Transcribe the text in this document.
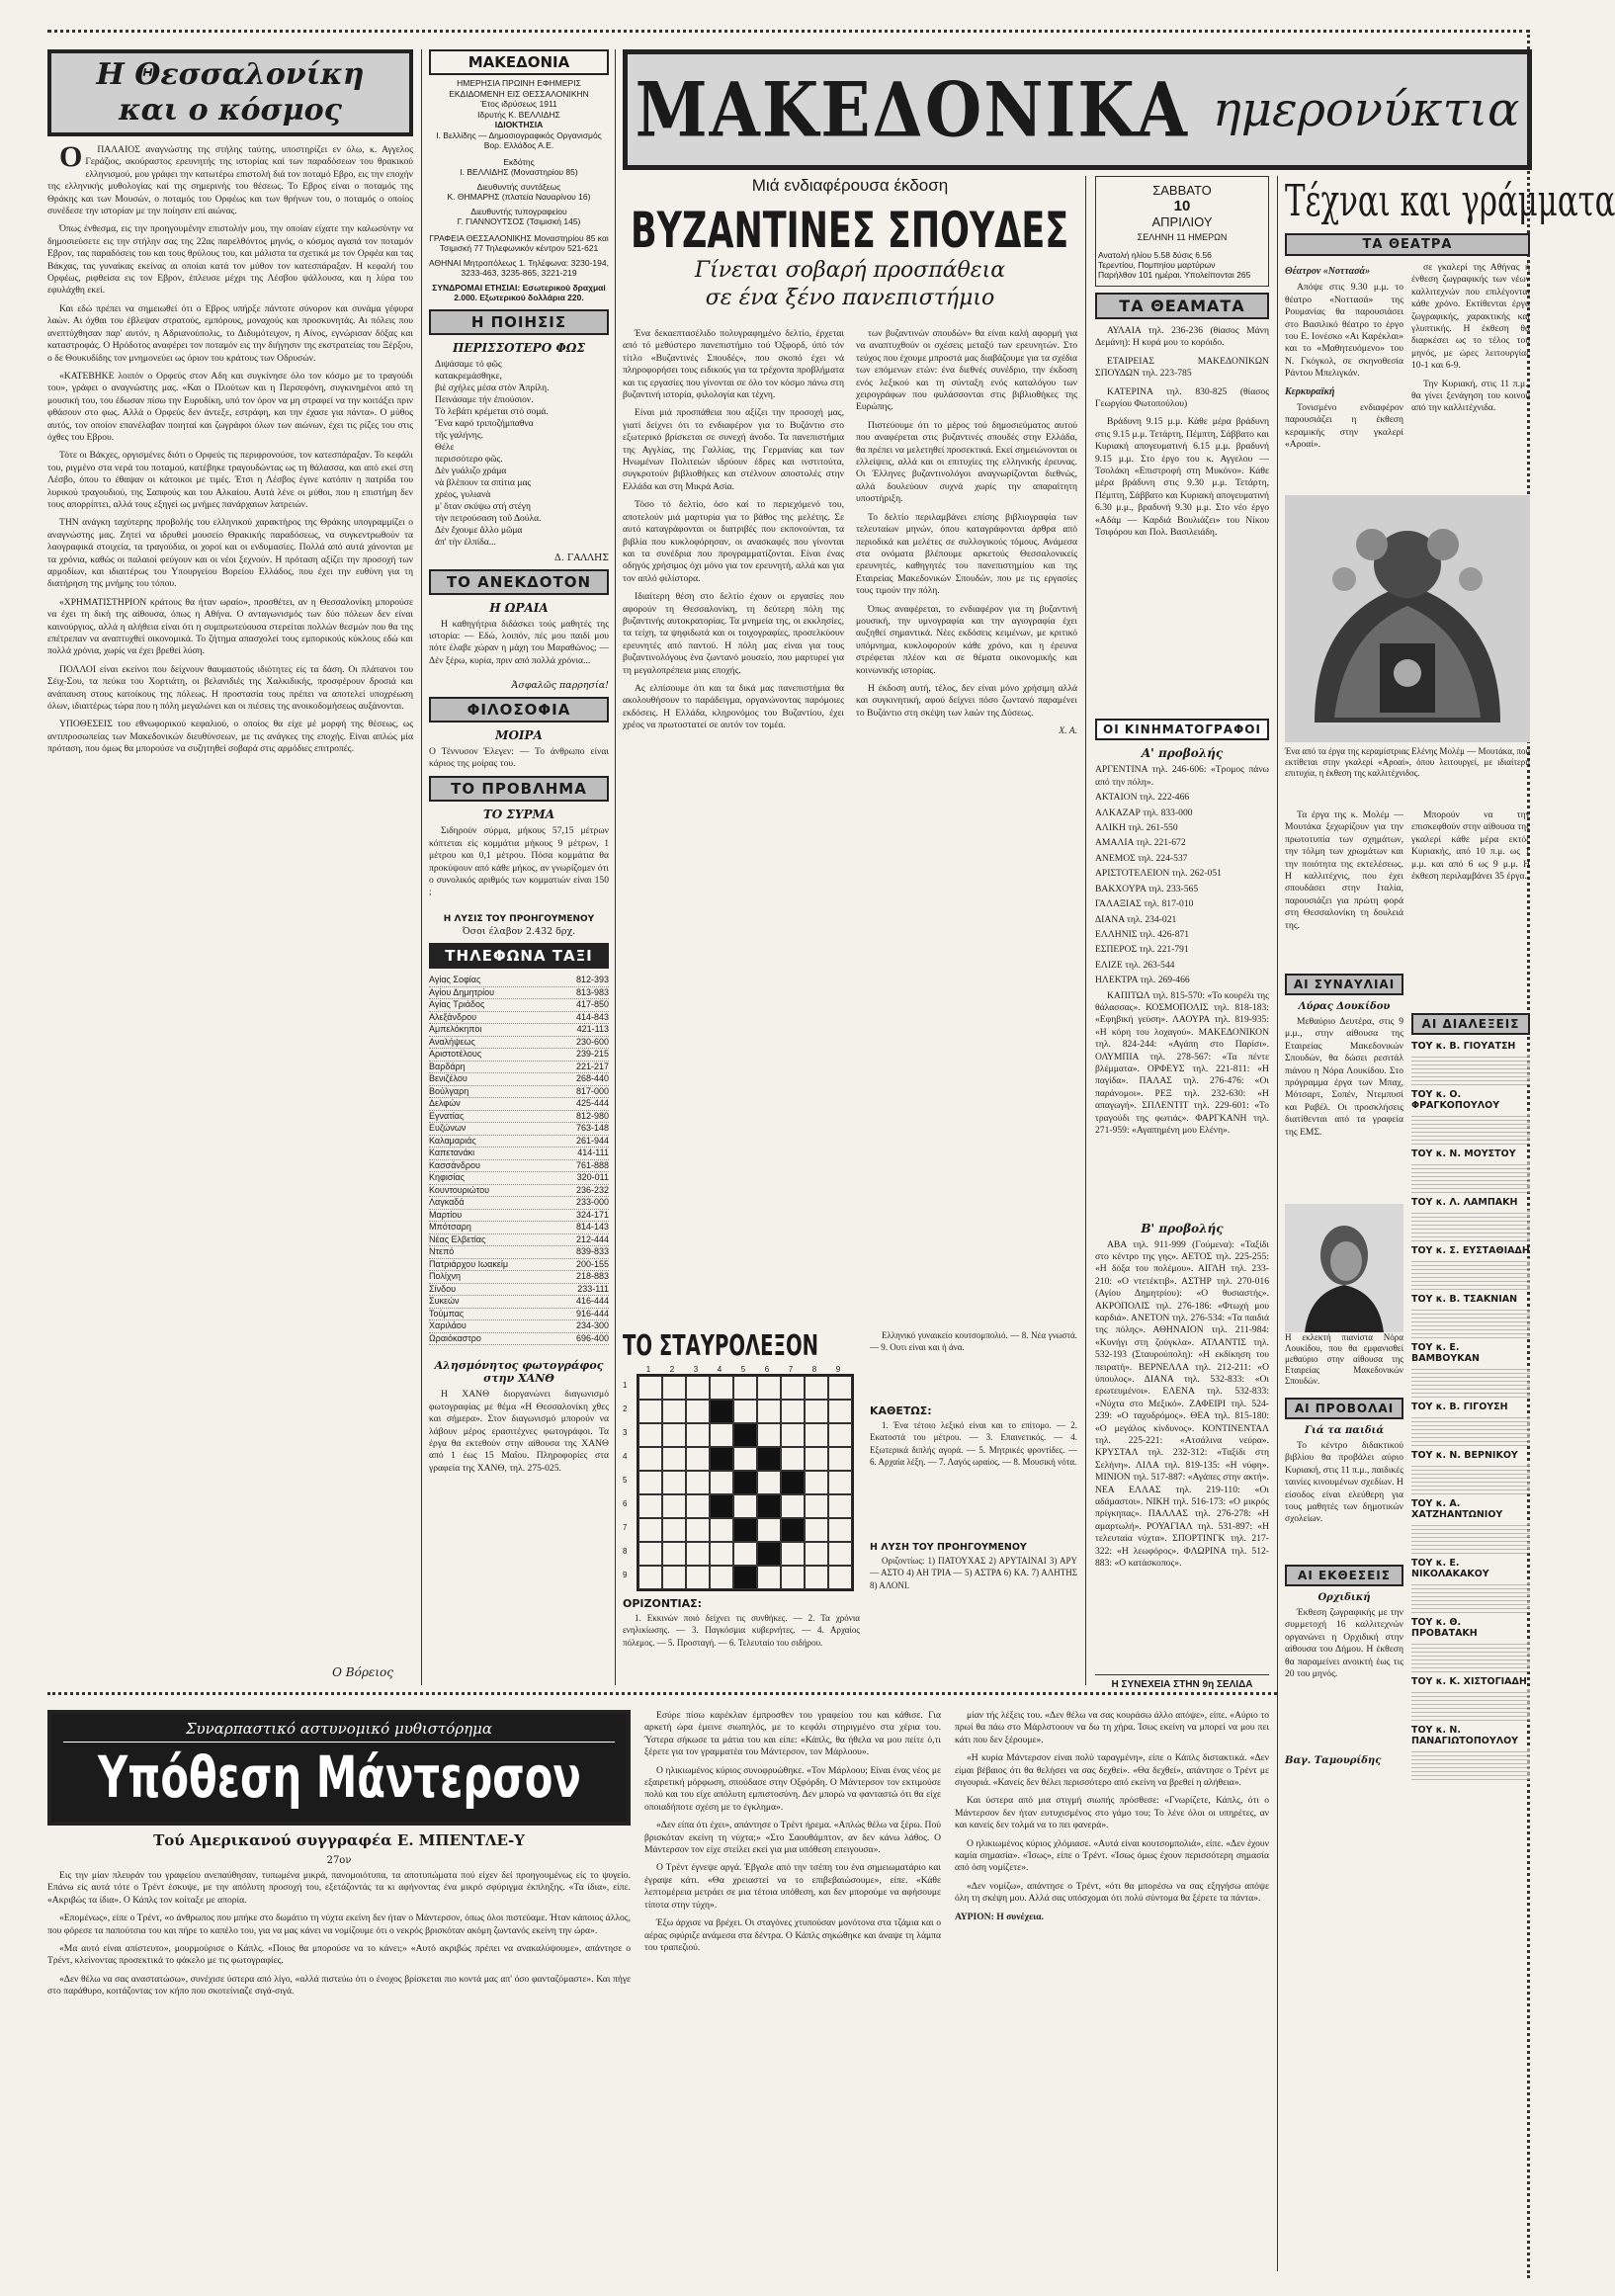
Η Θεσσαλονίκη
και ο κόσμος

ΟΠΑΛΑΙΟΣ αναγνώστης της στήλης ταύτης, υποστηρίζει εν όλω, κ. Αγγελος Γεράζιος, ακούραστος ερευνητής της ιστορίας καί των παραδόσεων του θρακικού ελληνισμού, μου γράφει την κατωτέρω επιστολή διά τον ποταμό Εβρο, εις την εποχήν της ελληνικής μυθολογίας καί της σημερινής του θέσεως. Το Εβρος είναι ο ποταμός της Θράκης και των Μουσών, ο ποταμός του Ορφέως και των θρήνων του, ο ποταμός ο οποίος συνέδεσε την ιστορίαν με την ποίησιν επί αιώνας.

Όπως ένθεσμα, εις την προηγουμένην επιστολήν μου, την οποίαν είχατε την καλωσύνην να δημοσιεύσετε εις την στήλην σας της 22ας παρελθόντος μηνός, ο κόσμος αγαπά τον ποταμόν Εβρον, τας παραδόσεις του και τους θρύλους του, και μάλιστα τα σχετικά με τον Ορφέα και τας Βάκχας, τας γυναίκας εκείνας αι οποίαι κατά τον μύθον τον κατεσπάραξαν. Η κεφαλή του Ορφέως, ριφθείσα εις τον Εβρον, έπλευσε μέχρι της Λέσβου ψάλλουσα, και η λύρα του εφυλάχθη εκεί.

Και εδώ πρέπει να σημειωθεί ότι ο Εβρος υπήρξε πάντοτε σύνορον και συνάμα γέφυρα λαών. Αι όχθαι του έβλεψαν στρατούς, εμπόρους, μοναχούς και προσκυνητάς. Αι πόλεις που ανεπτύχθησαν παρ' αυτόν, η Αδριανούπολις, το Διδυμότειχον, η Αίνος, εγνώρισαν δόξας και καταστροφάς. Ο Ηρόδοτος αναφέρει τον ποταμόν εις την διήγησιν της εκστρατείας του Ξέρξου, ο δε Θουκυδίδης τον μνημονεύει ως όριον του κράτους των Οδρυσών.

«ΚΑΤΕΒΗΚΕ λοιπόν ο Ορφεύς στον Αδη και συγκίνησε όλο τον κόσμο με το τραγούδι του», γράφει ο αναγνώστης μας. «Και ο Πλούτων και η Περσεφόνη, συγκινημένοι από τη μουσική του, του έδωσαν πίσω την Ευρυδίκη, υπό τον όρον να μη στραφεί να την κοιτάξει πριν φθάσουν στο φως. Αλλά ο Ορφεύς δεν άντεξε, εστράφη, και την έχασε για πάντα». Ο μύθος αυτός, τον οποίον επανέλαβαν ποιηταί και ζωγράφοι όλων των αιώνων, έχει τις ρίζες του στις όχθες του Εβρου.

Τότε οι Βάκχες, οργισμένες διότι ο Ορφεύς τις περιφρονούσε, τον κατεσπάραξαν. Το κεφάλι του, ριγμένο στα νερά του ποταμού, κατέβηκε τραγουδώντας ως τη θάλασσα, και από εκεί στη Λέσβο, όπου το έθαψαν οι κάτοικοι με τιμές. Έτσι η Λέσβος έγινε κατόπιν η πατρίδα του λυρικού τραγουδιού, της Σαπφούς και του Αλκαίου. Αυτά λένε οι μύθοι, που η επιστήμη δεν τους απορρίπτει, αλλά τους εξηγεί ως μνήμες πανάρχαιων λατρειών.

ΤΗΝ ανάγκη ταχύτερης προβολής του ελληνικού χαρακτήρος της Θράκης υπογραμμίζει ο αναγνώστης μας. Ζητεί να ιδρυθεί μουσείο Θρακικής παραδόσεως, να συγκεντρωθούν τα λαογραφικά στοιχεία, τα τραγούδια, οι χοροί και οι ενδυμασίες. Πολλά από αυτά χάνονται με τα χρόνια, καθώς οι παλαιοί φεύγουν και οι νέοι ξεχνούν. Η πρόταση αξίζει την προσοχή των αρμοδίων, και ιδιαιτέρως του Υπουργείου Βορείου Ελλάδος, που έχει την ευθύνη για τη διατήρηση της μνήμης του τόπου.

«ΧΡΗΜΑΤΙΣΤΗΡΙΟΝ κράτους θα ήταν ωραίο», προσθέτει, αν η Θεσσαλονίκη μπορούσε να έχει τη δική της αίθουσα, όπως η Αθήνα. Ο ανταγωνισμός των δύο πόλεων δεν είναι καινούργιος, αλλά η αλήθεια είναι ότι η συμπρωτεύουσα στερείται πολλών θεσμών που θα της επέτρεπαν να αναπτυχθεί οικονομικά. Το ζήτημα απασχολεί τους εμπορικούς κύκλους εδώ και πολλά χρόνια, χωρίς να έχει βρεθεί λύση.

ΠΟΛΛΟΙ είναι εκείνοι που δείχνουν θαυμαστούς ιδιότητες είς τα δάση. Οι πλάτανοι του Σέιχ-Σου, τα πεύκα του Χορτιάτη, οι βελανιδιές της Χαλκιδικής, προσφέρουν δροσιά και ανάπαυση στους κατοίκους της πόλεως. Η προστασία τους πρέπει να αποτελεί υποχρέωση όλων, ιδιαιτέρως τώρα που η πόλη μεγαλώνει και οι πιέσεις της ανοικοδομήσεως αυξάνονται.

ΥΠΟΘΕΣΕΙΣ του εθνωφορικού κεφαλιού, ο οποίος θα είχε μέ μορφή της θέσεως, ως αντιπροσωπείας των Μακεδονικών διευθύνσεων, με τις ανάγκες της εποχής. Είναι απλώς μία πρόταση, που όμως θα μπορούσε να συζητηθεί σοβαρά στις αρμόδιες επιτροπές.

Ο Βόρειος
ΜΑΚΕΔΟΝΙΑ
ΗΜΕΡΗΣΙΑ ΠΡΩΙΝΗ ΕΦΗΜΕΡΙΣ ΕΚΔΙΔΟΜΕΝΗ ΕΙΣ ΘΕΣΣΑΛΟΝΙΚΗΝ
Έτος ιδρύσεως 1911
Ιδρυτής Κ. ΒΕΛΛΙΔΗΣ
ΙΔΙΟΚΤΗΣΙΑ
Ι. Βελλίδης — Δημοσιογραφικός Οργανισμός Βορ. Ελλάδος Α.Ε.
Εκδότης
Ι. ΒΕΛΛΙΔΗΣ (Μοναστηρίου 85)
Διευθυντής συντάξεως
Κ. ΘΗΜΑΡΗΣ (πλατεία Ναυαρίνου 16)
Διευθυντής τυπογραφείου
Γ. ΓΙΑΝΝΟΥΤΣΟΣ (Τσιμισκή 145)
ΓΡΑΦΕΙΑ ΘΕΣΣΑΛΟΝΙΚΗΣ Μοναστηρίου 85 και Τσιμισκή 77 Τηλεφωνικόν κέντρον 521-621
ΑΘΗΝΑΙ Μητροπόλεως 1. Τηλέφωνα: 3230-194, 3233-463, 3235-865, 3221-219
ΣΥΝΔΡΟΜΑΙ ΕΤΗΣΙΑΙ: Εσωτερικού δραχμαί 2.000. Εξωτερικού δολλάρια 220.
Η ΠΟΙΗΣΙΣ
ΠΕΡΙΣΣΟΤΕΡΟ ΦΩΣ
Διψάσαμε τό φῶς
κατακρεμάσθηκε,
βιὲ σχήλες μέσα στὸν Ἀπρίλη.
Πεινάσαμε τήν ἐπιούσιον.
Τὸ λεβάτι κρέμεται στό σομά.
Ἕνα καρό τριποζήμπαθνα
τῆς γαλήνης.
Θέλε
περισσότερο φῶς.
Δὲν γυάλιζο χράμα
νὰ βλέπουν τα σπίτια μας
χρέος, γυλιανὰ
μ' ὅταν σκύψω στή στέγη
τὴν πετρούσαση τοῦ Δούλα.
Δὲν ἔχουμε ἄλλο μῶμα
ἀπ' τὴν ἐλπίδα...
Δ. ΓΑΛΛΗΣ
ΤΟ ΑΝΕΚΔΟΤΟΝ
Η ΩΡΑΙΑ

Η καθηγήτρια διδάσκει τούς μαθητές της ιστορία: — Εδώ, λοιπόν, πές μου παιδί μου πότε έλαβε χώραν η μάχη του Μαραθώνος; — Δέν ξέρω, κυρία, πριν από πολλά χρόνια...

Ἀσφαλῶς παρρησία!
ΦΙΛΟΣΟΦΙΑ
ΜΟΙΡΑ
Ο Τέννυσον Έλεγεν: — Το άνθρωπο είναι κάριος της μοίρας του.
ΤΟ ΠΡΟΒΛΗΜΑ
ΤΟ ΣΥΡΜΑ

Σιδηρούν σύρμα, μήκους 57,15 μέτρων κόπτεται είς κομμάτια μήκους 9 μέτρων, 1 μέτρου και 0,1 μέτρου. Πόσα κομμάτια θα προκύψουν από κάθε μήκος, αν γνωρίζομεν ότι ο συνολικός αριθμός των κομματιών είναι 150 ;

Η ΛΥΣΙΣ ΤΟΥ ΠΡΟΗΓΟΥΜΕΝΟΥ
Όσοι έλαβον 2.432 δρχ.
ΤΗΛΕΦΩΝΑ ΤΑΞΙ
Αγίας Σοφίας	812-393
Αγίου Δημητρίου	813-983
Αγίας Τριάδος	417-850
Αλεξάνδρου	414-843
Αμπελόκηποι	421-113
Αναλήψεως	230-600
Αριστοτέλους	239-215
Βαρδάρη	221-217
Βενιζέλου	268-440
Βούλγαρη	817-000
Δελφών	425-444
Εγνατίας	812-980
Ευζώνων	763-148
Καλαμαριάς	261-944
Καπετανάκι	414-111
Κασσάνδρου	761-888
Κηφισίας	320-011
Κουντουριώτου	236-232
Λαγκαδά	233-000
Μαρτίου	324-171
Μπότσαρη	814-143
Νέας Ελβετίας	212-444
Ντεπό	839-833
Πατριάρχου Ιωακείμ	200-155
Πολίχνη	218-883
Σίνδου	233-111
Συκεών	416-444
Τούμπας	916-444
Χαριλάου	234-300
Ωραιόκαστρο	696-400
Αλησμόνητος φωτογράφος στην ΧΑΝΘ

Η ΧΑΝΘ διοργανώνει διαγωνισμό φωτογραφίας με θέμα «Η Θεσσαλονίκη χθες και σήμερα». Στον διαγωνισμό μπορούν να λάβουν μέρος ερασιτέχνες φωτογράφοι. Τα έργα θα εκτεθούν στην αίθουσα της ΧΑΝΘ από 1 έως 15 Μαΐου. Πληροφορίες στα γραφεία της ΧΑΝΘ, τηλ. 275-025.

ΜΑΚΕΔΟΝΙΚΑ ημερονύκτια
Μιά ενδιαφέρουσα έκδοση
ΒΥΖΑΝΤΙΝΕΣ ΣΠΟΥΔΕΣ
Γίνεται σοβαρή προσπάθεια
σε ένα ξένο πανεπιστήμιο

Ένα δεκαεπτασέλιδο πολυγραφημένο δελτίο, έρχεται από τό μεθύστερο πανεπιστήμιο τού Όξφορδ, ύπό τόν τίτλο «Βυζαντινές Σπουδές», που σκοπό έχει νά πληροφορήσει τους ειδικούς για τα τρέχοντα προβλήματα και τις εργασίες που γίνονται σε όλο τον κόσμο πάνω στη βυζαντινή ιστορία, φιλολογία και τέχνη.

Είναι μιά προσπάθεια που αξίζει την προσοχή μας, γιατί δείχνει ότι το ενδιαφέρον για το Βυζάντιο στο εξωτερικό βρίσκεται σε συνεχή άνοδο. Τα πανεπιστήμια της Αγγλίας, της Γαλλίας, της Γερμανίας και των Ηνωμένων Πολιτειών ιδρύουν έδρες και ινστιτούτα, συγκροτούν βιβλιοθήκες και στέλνουν αποστολές στην Ελλάδα και στη Μικρά Ασία.

Τόσο τό δελτίο, όσο καί το περιεχόμενό του, αποτελούν μιά μαρτυρία για το βάθος της μελέτης. Σε αυτό καταγράφονται οι διατριβές που εκπονούνται, τα βιβλία που κυκλοφόρησαν, οι ανασκαφές που γίνονται και τα συνέδρια που προγραμματίζονται. Είναι ένας οδηγός χρήσιμος όχι μόνο για τον ερευνητή, αλλά και για τον απλό φιλίστορα.

Ιδιαίτερη θέση στο δελτίο έχουν οι εργασίες που αφορούν τη Θεσσαλονίκη, τη δεύτερη πόλη της βυζαντινής αυτοκρατορίας. Τα μνημεία της, οι εκκλησίες, τα τείχη, τα ψηφιδωτά και οι τοιχογραφίες, προσελκύουν ερευνητές από παντού. Η πόλη μας είναι για τους βυζαντινολόγους ένα ζωντανό μουσείο, που μαρτυρεί για τη μεγαλοπρέπεια μιας εποχής.

Ας ελπίσουμε ότι και τα δικά μας πανεπιστήμια θα ακολουθήσουν το παράδειγμα, οργανώνοντας παρόμοιες εκδόσεις. Η Ελλάδα, κληρονόμος του Βυζαντίου, έχει χρέος να πρωτοστατεί σε αυτόν τον τομέα.

των βυζαντινών σπουδών» θα είναι καλή αφορμή για να αναπτυχθούν οι σχέσεις μεταξύ των ερευνητών. Στο τεύχος που έχουμε μπροστά μας διαβάζουμε για τα σχέδια των επόμενων ετών: ένα διεθνές συνέδριο, την έκδοση ενός λεξικού και τη σύνταξη ενός καταλόγου των χειρογράφων που φυλάσσονται στις βιβλιοθήκες της Ευρώπης.

Πιστεύουμε ότι το μέρος τού δημοσιεύματος αυτού που αναφέρεται στις βυζαντινές σπουδές στην Ελλάδα, θα πρέπει να μελετηθεί προσεκτικά. Εκεί σημειώνονται οι ελλείψεις, αλλά και οι επιτυχίες της ελληνικής έρευνας. Οι Έλληνες βυζαντινολόγοι αναγνωρίζονται διεθνώς, αλλά δουλεύουν συχνά χωρίς την απαραίτητη υποστήριξη.

Το δελτίο περιλαμβάνει επίσης βιβλιογραφία των τελευταίων μηνών, όπου καταγράφονται άρθρα από περιοδικά και μελέτες σε συλλογικούς τόμους. Ανάμεσα στα ονόματα βλέπουμε αρκετούς Θεσσαλονικείς ερευνητές, καθηγητές του πανεπιστημίου και της Εταιρείας Μακεδονικών Σπουδών, που με τις εργασίες τους τιμούν την πόλη.

Όπως αναφέρεται, το ενδιαφέρον για τη βυζαντινή μουσική, την υμνογραφία και την αγιογραφία έχει αυξηθεί σημαντικά. Νέες εκδόσεις κειμένων, με κριτικό υπόμνημα, κυκλοφορούν κάθε χρόνο, και η έρευνα στρέφεται πλέον και σε θέματα οικονομικής και κοινωνικής ιστορίας.

Η έκδοση αυτή, τέλος, δεν είναι μόνο χρήσιμη αλλά και συγκινητική, αφού δείχνει πόσο ζωντανό παραμένει το Βυζάντιο στη σκέψη των λαών της Δύσεως.

Χ. Α.
ΤΟ ΣΤΑΥΡΟΛΕΞΟΝ
1	2	3	4	5	6	7	8	9
1
2
3
4
5
6
7
8
9
ΟΡΙΖΟΝΤΙΑΣ:

1. Εκκινών ποιό δείχνει τις συνθήκες. — 2. Τα χρόνια ενηλικίωσης. — 3. Παγκόσμια κυβερνήτες. — 4. Αρχαίος πόλεμος. — 5. Προσταγή. — 6. Τελευταίο του σιδήρου.

Ελληνικό γυναικείο κουτσομπολιό. — 8. Νέα γνωστά. — 9. Ουτι είναι και ή άνα.

ΚΑΘΕΤΩΣ:

1. Ένα τέτοιο λεξικό είναι και το επίτομο. — 2. Εκατοστά του μέτρου. — 3. Επαινετικός. — 4. Εξωτερικά διπλής αγορά. — 5. Μητρικές φροντίδες. — 6. Αρχαία λέξη. — 7. Λαγός ωραίος. — 8. Μουσική νότα.

Η ΛΥΣΗ ΤΟΥ ΠΡΟΗΓΟΥΜΕΝΟΥ

Οριζοντίως: 1) ΠΑΤΟΥΧΑΣ 2) ΑΡΥΤΑΙΝΑΙ 3) ΑΡΥ — ΑΣΤΟ 4) ΑΗ ΤΡΙΑ — 5) ΑΣΤΡΑ 6) ΚΑ. 7) ΑΛΗΤΗΣ 8) ΑΛΟΝΙ.

ΣΑΒΒΑΤΟ
10
ΑΠΡΙΛΙΟΥ
ΣΕΛΗΝΗ 11 ΗΜΕΡΩΝ
Ανατολή ηλίου 5.58 δύσις 6.56
Τερεντίου, Πομπηίου μαρτύρων
Παρήλθον 101 ημέραι. Υπολείπονται 265
ΤΑ ΘΕΑΜΑΤΑ

ΑΥΛΑΙΑ τηλ. 236-236 (θίασος Μάνη Δεμάνη): Η κυρά μου το κορόιδο.

ΕΤΑΙΡΕΙΑΣ ΜΑΚΕΔΟΝΙΚΩΝ ΣΠΟΥΔΩΝ τηλ. 223-785

ΚΑΤΕΡΙΝΑ τηλ. 830-825 (θίασος Γεωργίου Φωτοπούλου)

Βράδυνη 9.15 μ.μ. Κάθε μέρα βράδυνη στις 9.15 μ.μ. Τετάρτη, Πέμπτη, Σάββατο και Κυριακή απογευματινή 6.15 μ.μ. βραδυνή 9.15 μ.μ. Στο έργο του κ. Αγγελου — Τσολάκη «Επιστροφή στη Μυκόνο». Κάθε μέρα βράδυνη στις 9.30 μ.μ. Τετάρτη, Πέμπτη, Σάββατο και Κυριακή απογευματινή 6.30 μ.μ., βραδυνή 9.30 μ.μ. Στο νέο έργο «Αδάμ — Καρδιά Βουλιάζει» του Νίκου Τσιφόρου και Πολ. Βασιλειάδη.

ΟΙ ΚΙΝΗΜΑΤΟΓΡΑΦΟΙ
Α' προβολής
ΑΡΓΕΝΤΙΝΑ τηλ. 246-606: «Τρομος πάνω από την πόλη».
ΑΚΤΑΙΟΝ τηλ. 222-466
ΑΛΚΑΖΑΡ τηλ. 833-000
ΑΛΙΚΗ τηλ. 261-550
ΑΜΑΛΙΑ τηλ. 221-672
ΑΝΕΜΟΣ τηλ. 224-537
ΑΡΙΣΤΟΤΕΛΕΙΟΝ τηλ. 262-051
ΒΑΚΧΟΥΡΑ τηλ. 233-565
ΓΑΛΑΞΙΑΣ τηλ. 817-010
ΔΙΑΝΑ τηλ. 234-021
ΕΛΛΗΝΙΣ τηλ. 426-871
ΕΣΠΕΡΟΣ τηλ. 221-791
ΕΛΙΖΕ τηλ. 263-544
ΗΛΕΚΤΡΑ τηλ. 269-466

ΚΑΠΙΤΩΛ τηλ. 815-570: «Το κουρέλι της θάλασσας». ΚΟΣΜΟΠΟΛΙΣ τηλ. 818-183: «Εφηβική γεύση». ΛΑΟΥΡΑ τηλ. 819-935: «Η κόρη του λοχαγού». ΜΑΚΕΔΟΝΙΚΟΝ τηλ. 824-244: «Αγάπη στο Παρίσι». ΟΛΥΜΠΙΑ τηλ. 278-567: «Τα πέντε βλέμματα». ΟΡΦΕΥΣ τηλ. 221-811: «Η παγίδα». ΠΑΛΑΣ τηλ. 276-476: «Οι παράνομοι». ΡΕΞ τηλ. 232-630: «Η απαγωγή». ΣΠΛΕΝΤΙΤ τηλ. 229-601: «Το τραγούδι της φωτιάς». ΦΑΡΓΚΑΝΗ τηλ. 271-959: «Αγαπημένη μου Ελένη».

Β' προβολής

ΑΒΑ τηλ. 911-999 (Γούμενα): «Ταξίδι στο κέντρο της γης». ΑΕΤΟΣ τηλ. 225-255: «Η δόξα του πολέμου». ΑΙΓΛΗ τηλ. 233-210: «Ο ντετέκτιβ». ΑΣΤΗΡ τηλ. 270-016 (Αγίου Δημητρίου): «Ο θυσιαστής». ΑΚΡΟΠΟΛΙΣ τηλ. 276-186: «Φτωχή μου καρδιά». ΑΝΕΤΟΝ τηλ. 276-534: «Τα παιδιά της πόλης». ΑΘΗΝΑΙΟΝ τηλ. 211-984: «Κυνήγι στη ζούγκλα». ΑΤΛΑΝΤΙΣ τηλ. 532-193 (Σταυρούπολη): «Η εκδίκηση του πειρατή». ΒΕΡΝΕΛΛΑ τηλ. 212-211: «Ο ύπουλος». ΔΙΑΝΑ τηλ. 532-833: «Οι ερωτευμένοι». ΕΛΕΝΑ τηλ. 532-833: «Νύχτα στο Μεξικό». ΖΑΦΕΙΡΙ τηλ. 524-239: «Ο ταχυδρόμος». ΘΕΑ τηλ. 815-180: «Ο μεγάλος κίνδυνος». ΚΟΝΤΙΝΕΝΤΑΛ τηλ. 225-221: «Ατσάλινα νεύρα». ΚΡΥΣΤΑΛ τηλ. 232-312: «Ταξίδι στη Σελήνη». ΛΙΛΑ τηλ. 819-135: «Η νύφη». ΜΙΝΙΟΝ τηλ. 517-887: «Αγάπες στην ακτή». ΝΕΑ ΕΛΛΑΣ τηλ. 219-110: «Οι αδάμαστοι». ΝΙΚΗ τηλ. 516-173: «Ο μικρός πρίγκηπας». ΠΑΛΛΑΣ τηλ. 276-278: «Η αμαρτωλή». ΡΟΥΑΓΙΑΛ τηλ. 531-897: «Η τελευταία νύχτα». ΣΠΟΡΤΙΝΓΚ τηλ. 217-322: «Η λεωφόρος». ΦΛΩΡΙΝΑ τηλ. 512-883: «Ο κατάσκοπος».

Η ΣΥΝΕΧΕΙΑ ΣΤΗΝ 9η ΣΕΛΙΔΑ
Τέχναι και γράμματα
ΤΑ ΘΕΑΤΡΑ
Θέατρον «Νοττασά»

Απόψε στις 9.30 μ.μ. το θέατρο «Νοττασά» της Ρουμανίας θα παρουσιάσει στο Βασιλικό θέατρο το έργο του Ε. Ιονέσκο «Αι Καρέκλαι» και το «Μαθητευόμενο» του Ν. Γκόγκολ, σε σκηνοθεσία Ράντου Μπελιγκάν.

Κερκυραϊκή

Τονισμένο ενδιαφέρον παρουσιάζει η έκθεση κεραμικής στην γκαλερί «Αροαί».

σε γκαλερί της Αθήνας ή ένθεση ζωγραφικής των νέων καλλιτεχνών που επιλέγονται κάθε χρόνο. Εκτίθενται έργα ζωγραφικής, χαρακτικής και γλυπτικής. Η έκθεση θα διαρκέσει ως το τέλος του μηνός, με ώρες λειτουργίας 10-1 και 6-9.

Την Κυριακή, στις 11 π.μ., θα γίνει ξενάγηση του κοινού από την καλλιτέχνιδα.

Ένα από τα έργα της κεραμίστριας Ελένης Μολέμ — Μουτάκα, που εκτίθεται στην γκαλερί «Αροαί», όπου λειτουργεί, με ιδιαίτερη επιτυχία, η έκθεση της καλλιτέχνιδος.

Τα έργα της κ. Μολέμ — Μουτάκα ξεχωρίζουν για την πρωτοτυπία των σχημάτων, την τόλμη των χρωμάτων και την ποιότητα της εκτελέσεως. Η καλλιτέχνις, που έχει σπουδάσει στην Ιταλία, παρουσιάζει για πρώτη φορά στη Θεσσαλονίκη τη δουλειά της.

ΑΙ ΣΥΝΑΥΛΙΑΙ
Λύρας Δουκίδου

Μεθαύριο Δευτέρα, στις 9 μ.μ., στην αίθουσα της Εταιρείας Μακεδονικών Σπουδών, θα δώσει ρεσιτάλ πιάνου η Νόρα Λουκίδου. Στο πρόγραμμα έργα των Μπαχ, Μότσαρτ, Σοπέν, Ντεμπυσί και Ραβέλ. Οι προσκλήσεις διατίθενται από τα γραφεία της ΕΜΣ.

Η εκλεκτή πιανίστα Νόρα Λουκίδου, που θα εμφανισθεί μεθαύριο στην αίθουσα της Εταιρείας Μακεδονικών Σπουδών.
ΑΙ ΠΡΟΒΟΛΑΙ
Γιά τα παιδιά

Το κέντρο διδακτικού βιβλίου θα προβάλει αύριο Κυριακή, στις 11 π.μ., παιδικές ταινίες κινουμένων σχεδίων. Η είσοδος είναι ελεύθερη για τους μαθητές των δημοτικών σχολείων.

ΑΙ ΕΚΘΕΣΕΙΣ
Ορχιδική

Έκθεση ζωγραφικής με την συμμετοχή 16 καλλιτεχνών οργανώνει η Ορχιδική στην αίθουσα του Δήμου. Η έκθεση θα παραμείνει ανοικτή έως τις 20 του μηνός.

Βαγ. Ταμουρίδης

Μπορούν να την επισκεφθούν στην αίθουσα της γκαλερί κάθε μέρα εκτός Κυριακής, από 10 π.μ. ως 1 μ.μ. και από 6 ως 9 μ.μ. Η έκθεση περιλαμβάνει 35 έργα.

ΑΙ ΔΙΑΛΕΞΕΙΣ
ΤΟΥ κ. Β. ΓΙΟΥΑΤΣΗ
ΤΟΥ κ. Ο. ΦΡΑΓΚΟΠΟΥΛΟΥ
ΤΟΥ κ. Ν. ΜΟΥΣΤΟΥ
ΤΟΥ κ. Λ. ΛΑΜΠΑΚΗ
ΤΟΥ κ. Σ. ΕΥΣΤΑΘΙΑΔΗ
ΤΟΥ κ. Β. ΤΣΑΚΝΙΑΝ
ΤΟΥ κ. Ε. ΒΑΜΒΟΥΚΑΝ
ΤΟΥ κ. Β. ΓΙΓΟΥΣΗ
ΤΟΥ κ. Ν. ΒΕΡΝΙΚΟΥ
ΤΟΥ κ. Α. ΧΑΤΖΗΑΝΤΩΝΙΟΥ
ΤΟΥ κ. Ε. ΝΙΚΟΛΑΚΑΚΟΥ
ΤΟΥ κ. Θ. ΠΡΟΒΑΤΑΚΗ
ΤΟΥ κ. Κ. ΧΙΣΤΟΓΙΑΔΗ
ΤΟΥ κ. Ν. ΠΑΝΑΓΙΩΤΟΠΟΥΛΟΥ
Συναρπαστικό αστυνομικό μυθιστόρημα
Υπόθεση Μάντερσον
Τού Αμερικανού συγγραφέα Ε. ΜΠΕΝΤΛΕ-Υ
27ον

Εις την μίαν πλευράν του γραφείου ανεπαύθησαν, τυπωμένα μικρά, πανομοιότυπα, τα αποτυπώματα πού είχεν δεί προηγουμένως είς το ψυγείο. Επάνω είς αυτά τότε ο Τρέντ έσκυψε, με την απόλυτη προσοχή του, εξετάζοντάς τα κι αφήνοντας ένα μικρό σφύριγμα έκπληξης. «Τα ίδια», είπε. «Ακριβώς τα ίδια». Ο Κάπλς τον κοίταξε με απορία.

«Επομένως», είπε ο Τρέντ, «ο άνθρωπος που μπήκε στο δωμάτιο τη νύχτα εκείνη δεν ήταν ο Μάντερσον, όπως όλοι πιστεύαμε. Ήταν κάποιος άλλος, που φόρεσε τα παπούτσια του και πήρε το καπέλο του, για να μας κάνει να νομίζουμε ότι ο νεκρός βρισκόταν ακόμη ζωντανός εκείνη την ώρα».

«Μα αυτό είναι απίστευτο», μουρμούρισε ο Κάπλς. «Ποιος θα μπορούσε να το κάνει;» «Αυτό ακριβώς πρέπει να ανακαλύψουμε», απάντησε ο Τρέντ, κλείνοντας προσεκτικά το φάκελο με τις φωτογραφίες.

«Δεν θέλω να σας αναστατώσω», συνέχισε ύστερα από λίγο, «αλλά πιστεύω ότι ο ένοχος βρίσκεται πιο κοντά μας απ' όσο φανταζόμαστε». Και πήγε στο παράθυρο, κοιτάζοντας τον κήπο που σκοτείνιαζε σιγά-σιγά.

Εσύρε πίσω καρέκλαν έμπροσθεν του γραφείου του και κάθισε. Για αρκετή ώρα έμεινε σιωπηλός, με το κεφάλι στηριγμένο στα χέρια του. Ύστερα σήκωσε τα μάτια του και είπε: «Κάπλς, θα ήθελα να μου πείτε ό,τι ξέρετε για τον γραμματέα του Μάντερσον, τον Μάρλοου».

Ο ηλικιωμένος κύριος συνοφρυώθηκε. «Τον Μάρλοου; Είναι ένας νέος με εξαιρετική μόρφωση, σπούδασε στην Οξφόρδη. Ο Μάντερσον τον εκτιμούσε πολύ και του είχε απόλυτη εμπιστοσύνη. Δεν μπορώ να φανταστώ ότι θα είχε οποιαδήποτε σχέση με το έγκλημα».

«Δεν είπα ότι έχει», απάντησε ο Τρέντ ήρεμα. «Απλώς θέλω να ξέρω. Πού βρισκόταν εκείνη τη νύχτα;» «Στο Σαουθάμπτον, αν δεν κάνω λάθος. Ο Μάντερσον τον είχε στείλει εκεί για μια υπόθεση επειγουσα».

Ο Τρέντ έγνεψε αργά. Έβγαλε από την τσέπη του ένα σημειωματάριο και έγραψε κάτι. «Θα χρειαστεί να το επιβεβαιώσουμε», είπε. «Κάθε λεπτομέρεια μετράει σε μια τέτοια υπόθεση, και δεν μπορούμε να αφήσουμε τίποτα στην τύχη».

Έξω άρχισε να βρέχει. Οι σταγόνες χτυπούσαν μονότονα στα τζάμια και ο αέρας σφύριζε ανάμεσα στα δέντρα. Ο Κάπλς σηκώθηκε και άναψε τη λάμπα του τραπεζιού.

μίαν τής λέξεις του. «Δεν θέλω να σας κουράσω άλλο απόψε», είπε. «Αύριο το πρωί θα πάω στο Μάρλστοουν να δω τη χήρα. Ίσως εκείνη να μπορεί να μου πει κάτι που δεν ξέρουμε».

«Η κυρία Μάντερσον είναι πολύ ταραγμένη», είπε ο Κάπλς διστακτικά. «Δεν είμαι βέβαιος ότι θα θελήσει να σας δεχθεί». «Θα δεχθεί», απάντησε ο Τρέντ με σιγουριά. «Κανείς δεν θέλει περισσότερο από εκείνη να βρεθεί η αλήθεια».

Και ύστερα από μια στιγμή σιωπής πρόσθεσε: «Γνωρίζετε, Κάπλς, ότι ο Μάντερσον δεν ήταν ευτυχισμένος στο γάμο του; Το λένε όλοι οι υπηρέτες, αν και κανείς δεν τολμά να το πει φανερά».

Ο ηλικιωμένος κύριος χλόμιασε. «Αυτά είναι κουτσομπολιά», είπε. «Δεν έχουν καμία σημασία». «Ίσως», είπε ο Τρέντ. «Ίσως όμως έχουν περισσότερη σημασία από όση νομίζετε».

«Δεν νομίζω», απάντησε ο Τρέντ, «ότι θα μπορέσω να σας εξηγήσω απόψε όλη τη σκέψη μου. Αλλά σας υπόσχομαι ότι πολύ σύντομα θα ξέρετε τα πάντα».

ΑΥΡΙΟΝ: Η συνέχεια.
